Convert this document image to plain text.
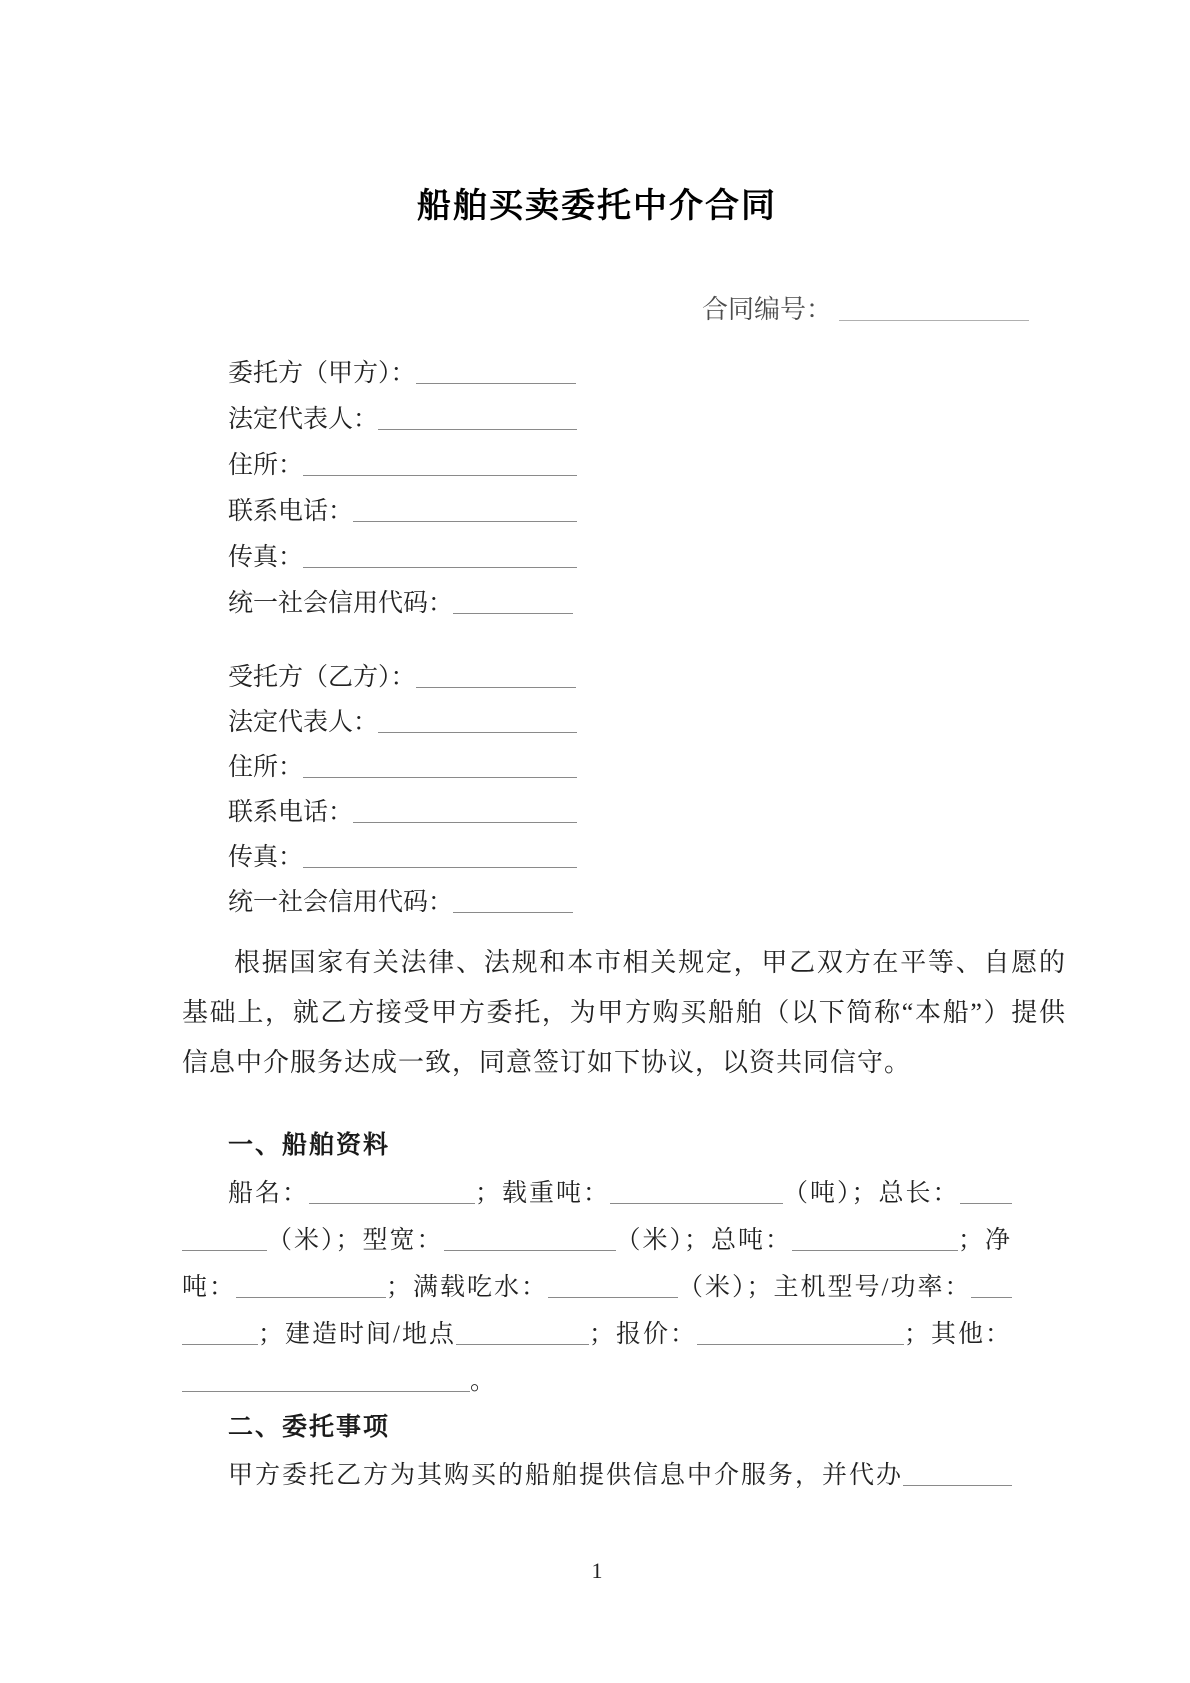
船舶买卖委托中介合同
合同编号：
委托方（甲方）：
法定代表人：
住所：
联系电话：
传真：
统一社会信用代码：
受托方（乙方）：
法定代表人：
住所：
联系电话：
传真：
统一社会信用代码：

根据国家有关法律、法规和本市相关规定，甲乙双方在平等、自愿的基础上，就乙方接受甲方委托，为甲方购买船舶（以下简称“本船”）提供信息中介服务达成一致，同意签订如下协议，以资共同信守。

一、船舶资料
船名：	；载重吨：	（吨）；总长：
（米）；型宽：	（米）；总吨：	；净
吨：	；满载吃水：	（米）；主机型号/功率：
；建造时间/地点	；报价：	；其他：
。
二、委托事项
甲方委托乙方为其购买的船舶提供信息中介服务，并代办
1
